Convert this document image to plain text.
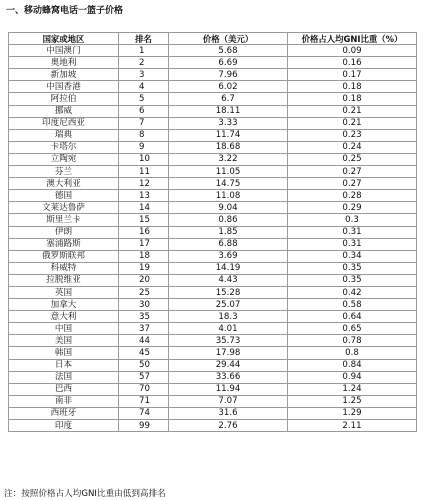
一、移动蜂窝电话一篮子价格
国家或地区	排名	价格（美元）	价格占人均GNI比重（%）
中国澳门	1	5.68	0.09
奥地利	2	6.69	0.16
新加坡	3	7.96	0.17
中国香港	4	6.02	0.18
阿拉伯	5	6.7	0.18
挪威	6	18.11	0.21
印度尼西亚	7	3.33	0.21
瑞典	8	11.74	0.23
卡塔尔	9	18.68	0.24
立陶宛	10	3.22	0.25
芬兰	11	11.05	0.27
澳大利亚	12	14.75	0.27
德国	13	11.08	0.28
文莱达鲁萨	14	9.04	0.29
斯里兰卡	15	0.86	0.3
伊朗	16	1.85	0.31
塞浦路斯	17	6.88	0.31
俄罗斯联邦	18	3.69	0.34
科威特	19	14.19	0.35
拉脱维亚	20	4.43	0.35
英国	25	15.28	0.42
加拿大	30	25.07	0.58
意大利	35	18.3	0.64
中国	37	4.01	0.65
美国	44	35.73	0.78
韩国	45	17.98	0.8
日本	50	29.44	0.84
法国	57	33.66	0.94
巴西	70	11.94	1.24
南非	71	7.07	1.25
西班牙	74	31.6	1.29
印度	99	2.76	2.11
注：按照价格占人均GNI比重由低到高排名
